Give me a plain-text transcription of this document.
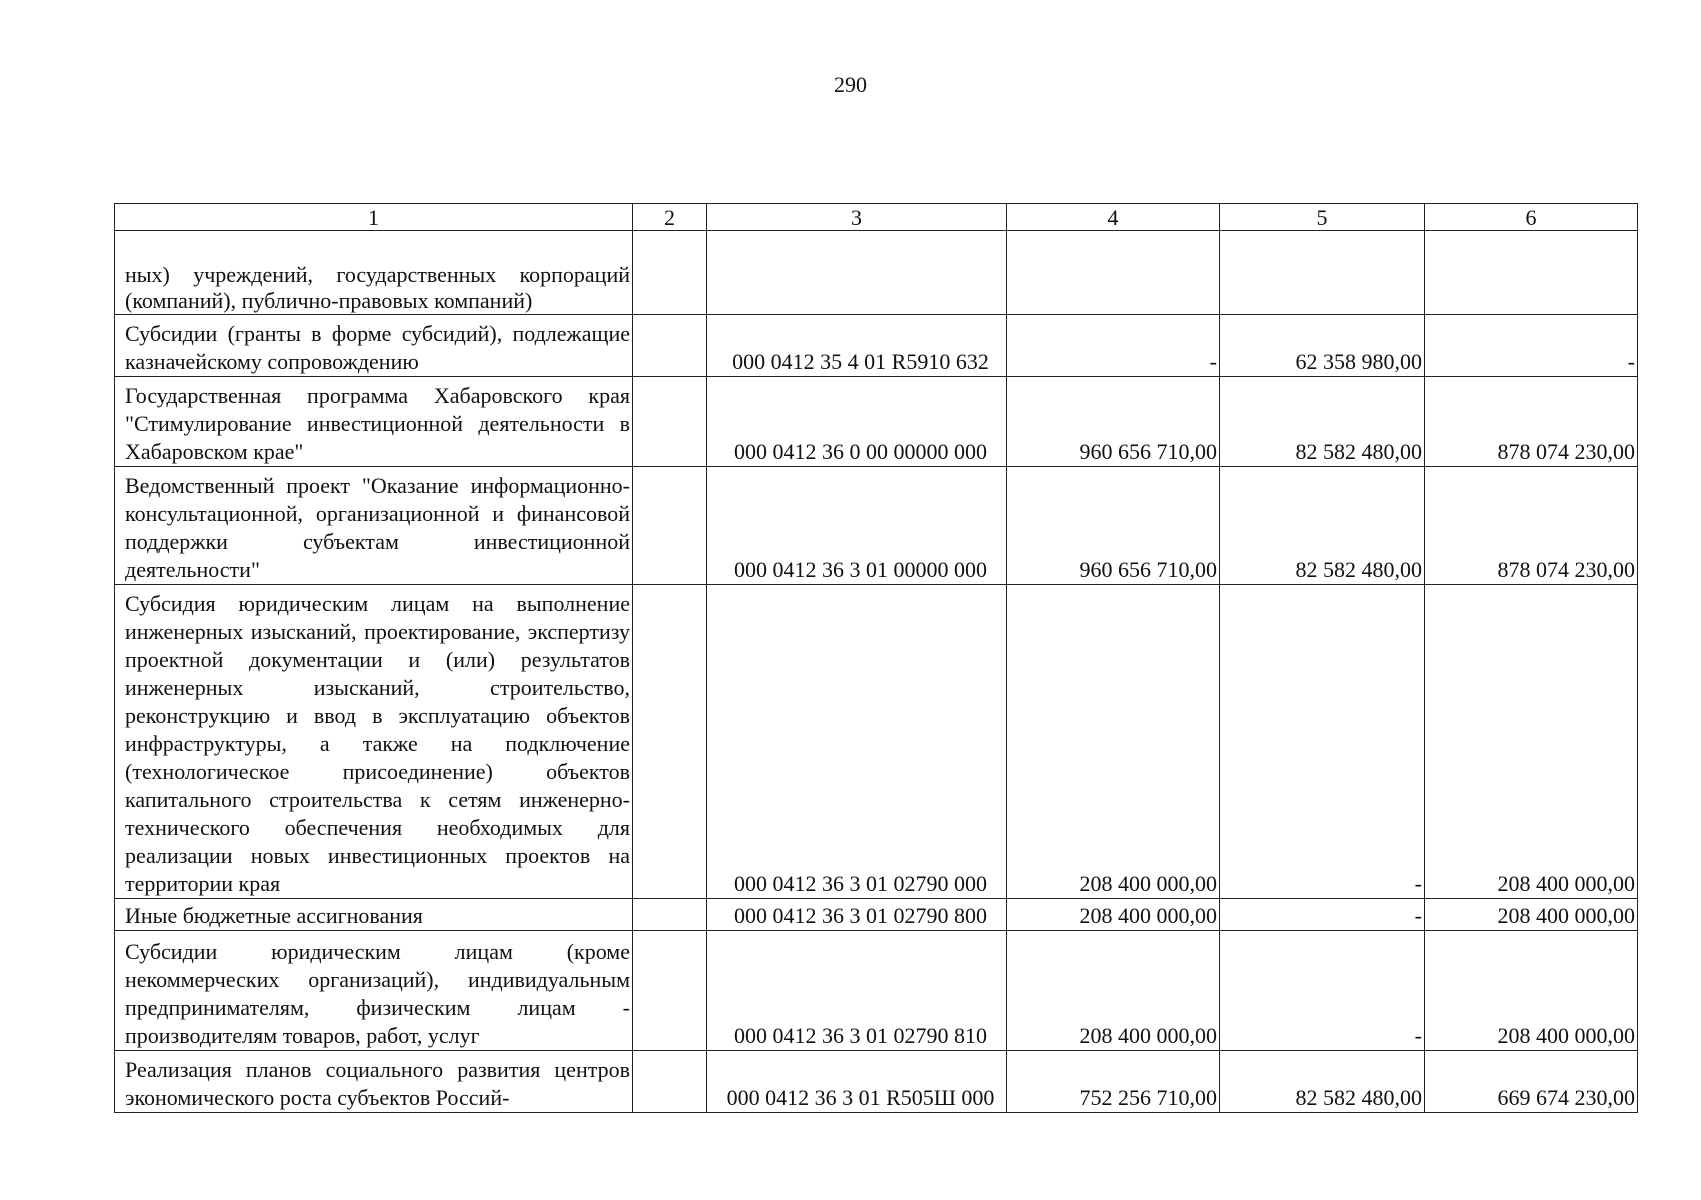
290
1	2	3	4	5	6
ных) учреждений, государственных корпораций (компаний), публично-правовых компаний)					
Субсидии (гранты в форме субсидий), подлежащие казначейскому сопровождению		000 0412 35 4 01 R5910 632	-	62 358 980,00	-
Государственная программа Хабаровского края "Стимулирование инвестиционной деятельности в Хабаровском крае"		000 0412 36 0 00 00000 000	960 656 710,00	82 582 480,00	878 074 230,00
Ведомственный проект "Оказание информационно-консультационной, организационной и финансовой поддержки субъектам инвестиционной деятельности"		000 0412 36 3 01 00000 000	960 656 710,00	82 582 480,00	878 074 230,00
Субсидия юридическим лицам на выполнение инженерных изысканий, проектирование, экспертизу проектной документации и (или) результатов инженерных изысканий, строительство, реконструкцию и ввод в эксплуатацию объектов инфраструктуры, а также на подключение (технологическое присоединение) объектов капитального строительства к сетям инженерно-технического обеспечения необходимых для реализации новых инвестиционных проектов на территории края		000 0412 36 3 01 02790 000	208 400 000,00	-	208 400 000,00
Иные бюджетные ассигнования		000 0412 36 3 01 02790 800	208 400 000,00	-	208 400 000,00
Субсидии юридическим лицам (кроме некоммерческих организаций), индивидуальным предпринимателям, физическим лицам - производителям товаров, работ, услуг		000 0412 36 3 01 02790 810	208 400 000,00	-	208 400 000,00
Реализация планов социального развития центров экономического роста субъектов Россий-		000 0412 36 3 01 R505Ш 000	752 256 710,00	82 582 480,00	669 674 230,00
